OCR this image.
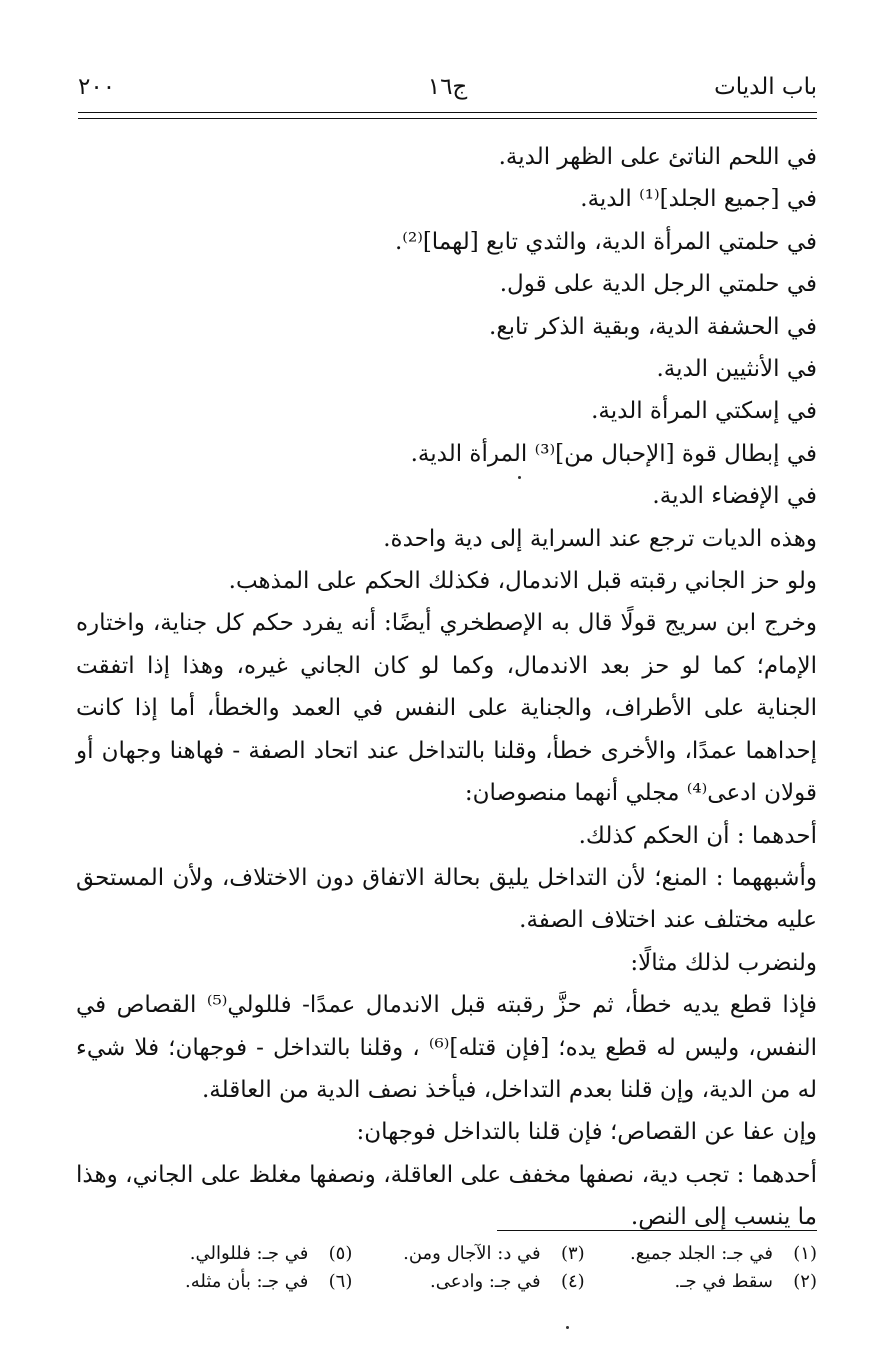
باب الديات
ج١٦
٢٠٠

في اللحم الناتئ على الظهر الدية.

في [جميع الجلد]⁽¹⁾ الدية.

في حلمتي المرأة الدية، والثدي تابع [لهما]⁽²⁾.

في حلمتي الرجل الدية على قول.

في الحشفة الدية، وبقية الذكر تابع.

في الأنثيين الدية.

في إسكتي المرأة الدية.

في إبطال قوة [الإحبال من]⁽³⁾ المرأة الدية.

في الإفضاء الدية.

وهذه الديات ترجع عند السراية إلى دية واحدة.

ولو حز الجاني رقبته قبل الاندمال، فكذلك الحكم على المذهب.

وخرج ابن سريج قولًا قال به الإصطخري أيضًا: أنه يفرد حكم كل جناية، واختاره الإمام؛ كما لو حز بعد الاندمال، وكما لو كان الجاني غيره، وهذا إذا اتفقت الجناية على الأطراف، والجناية على النفس في العمد والخطأ، أما إذا كانت إحداهما عمدًا، والأخرى خطأ، وقلنا بالتداخل عند اتحاد الصفة - فهاهنا وجهان أو قولان ادعى⁽⁴⁾ مجلي أنهما منصوصان:

أحدهما : أن الحكم كذلك.

وأشبههما : المنع؛ لأن التداخل يليق بحالة الاتفاق دون الاختلاف، ولأن المستحق عليه مختلف عند اختلاف الصفة.

ولنضرب لذلك مثالًا:

فإذا قطع يديه خطأ، ثم حزَّ رقبته قبل الاندمال عمدًا- فللولي⁽⁵⁾ القصاص في النفس، وليس له قطع يده؛ [فإن قتله]⁽⁶⁾ ، وقلنا بالتداخل - فوجهان؛ فلا شيء له من الدية، وإن قلنا بعدم التداخل، فيأخذ نصف الدية من العاقلة.

وإن عفا عن القصاص؛ فإن قلنا بالتداخل فوجهان:

أحدهما : تجب دية، نصفها مخفف على العاقلة، ونصفها مغلظ على الجاني، وهذا ما ينسب إلى النص.

(١)في جـ: الجلد جميع.
(٣)في د: الآجال ومن.
(٥)في جـ: فللوالي.
(٢)سقط في جـ.
(٤)في جـ: وادعى.
(٦)في جـ: بأن مثله.
